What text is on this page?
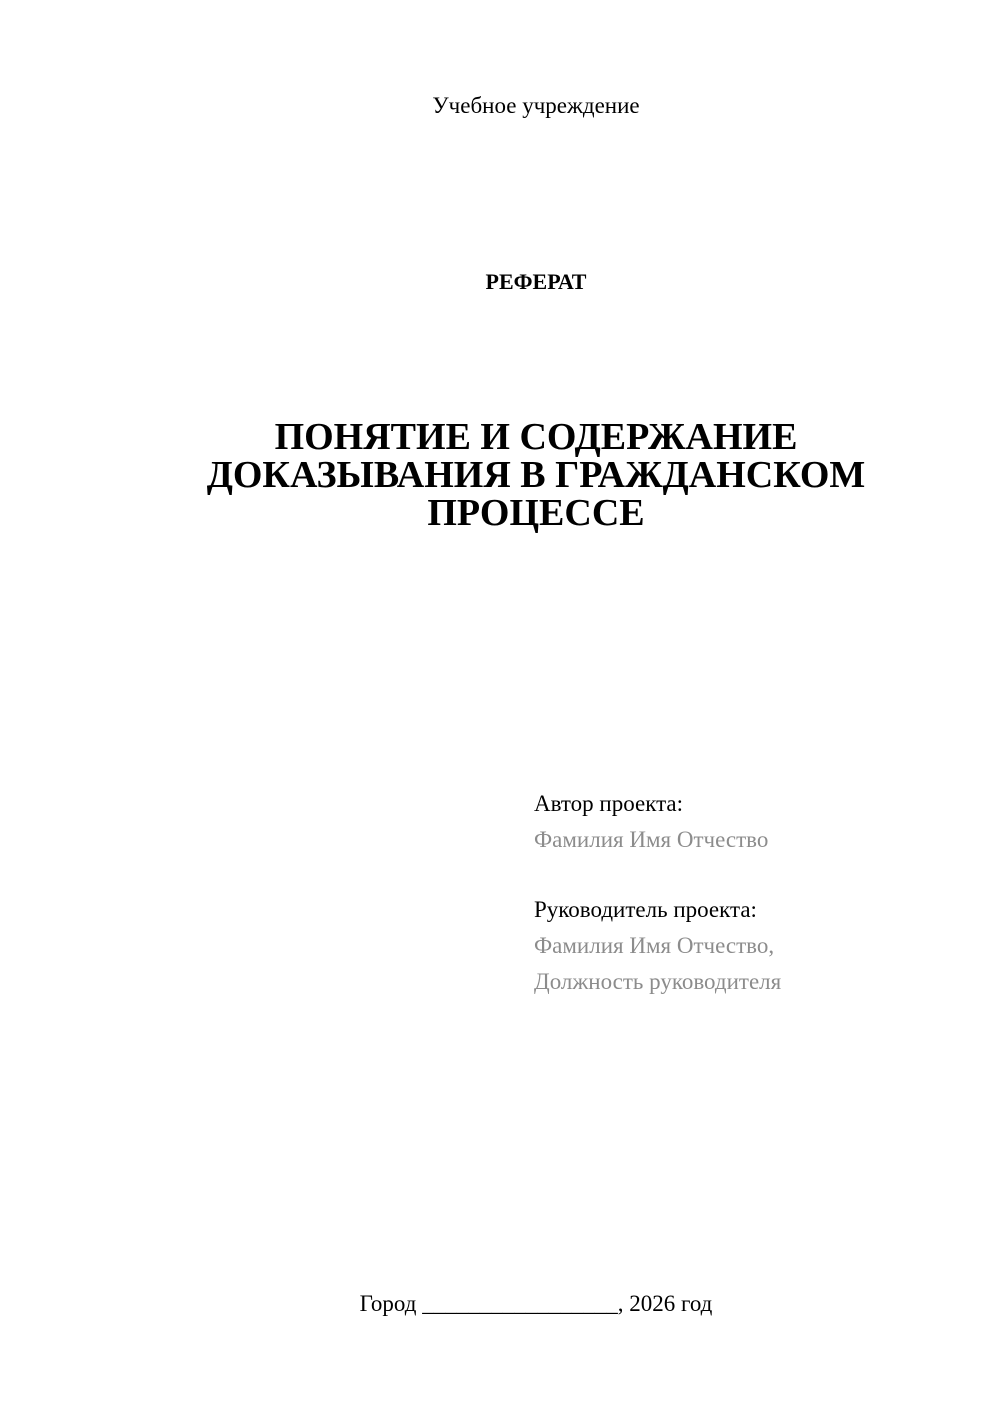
Учебное учреждение
РЕФЕРАТ
ПОНЯТИЕ И СОДЕРЖАНИЕ
ДОКАЗЫВАНИЯ В ГРАЖДАНСКОМ
ПРОЦЕССЕ
Автор проекта:
Фамилия Имя Отчество
Руководитель проекта:
Фамилия Имя Отчество,
Должность руководителя
Город _________________, 2026 год
